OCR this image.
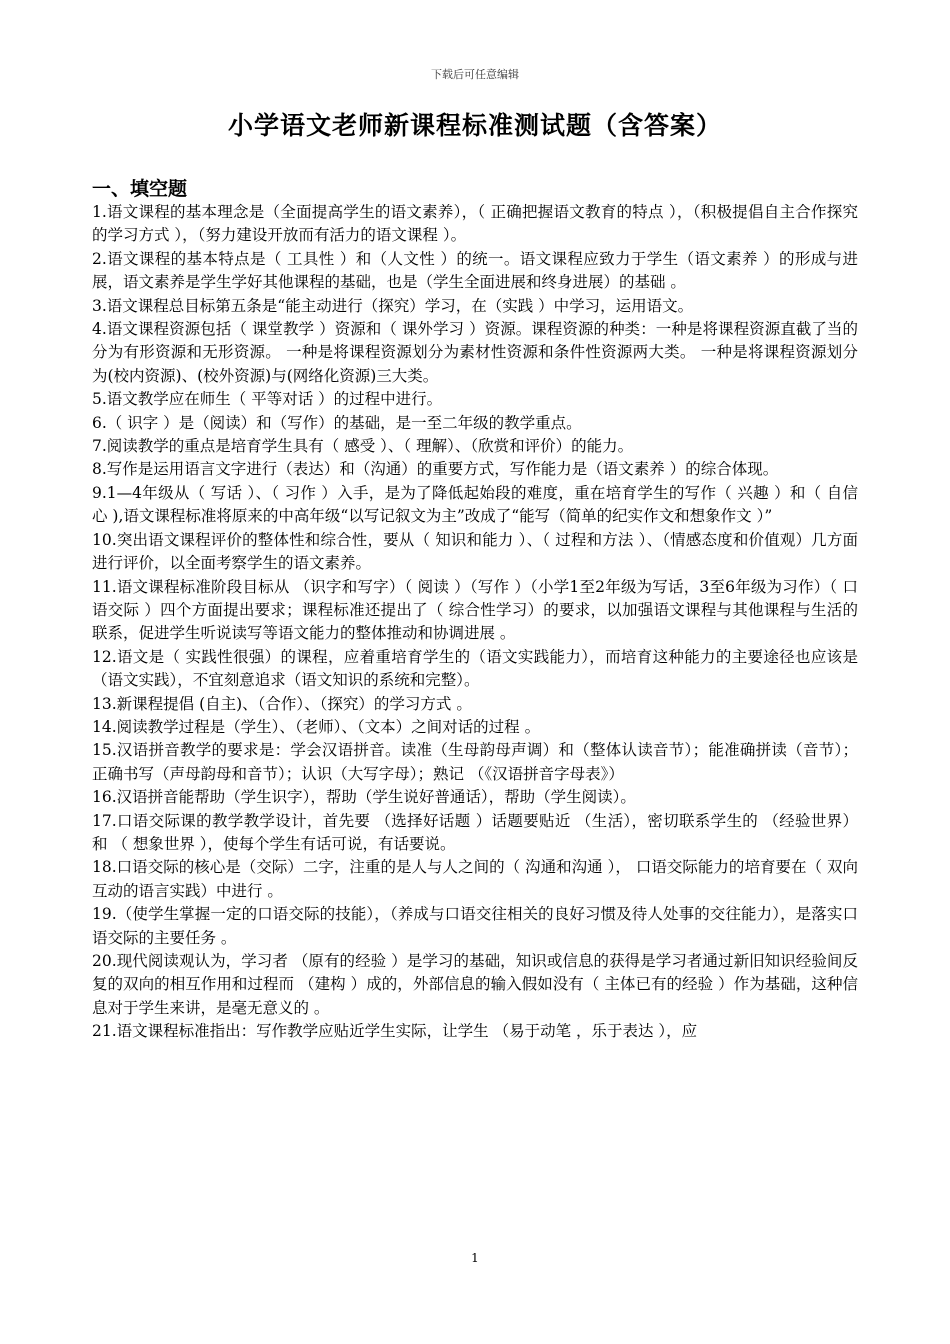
下载后可任意编辑
小学语文老师新课程标准测试题（含答案）
一、填空题

1.语文课程的基本理念是（全面提高学生的语文素养），（ 正确把握语文教育的特点 ），（积极提倡自主合作探究的学习方式 ），（努力建设开放而有活力的语文课程 ）。

2.语文课程的基本特点是（ 工具性 ）和（人文性 ）的统一。语文课程应致力于学生（语文素养 ）的形成与进展，语文素养是学生学好其他课程的基础，也是（学生全面进展和终身进展）的基础 。

3.语文课程总目标第五条是“能主动进行（探究）学习，在（实践 ）中学习，运用语文。

4.语文课程资源包括（ 课堂教学 ）资源和（ 课外学习 ）资源。课程资源的种类：一种是将课程资源直截了当的分为有形资源和无形资源。 一种是将课程资源划分为素材性资源和条件性资源两大类。 一种是将课程资源划分为(校内资源)、(校外资源)与(网络化资源)三大类。

5.语文教学应在师生（ 平等对话 ）的过程中进行。

6.（ 识字 ）是（阅读）和（写作）的基础，是一至二年级的教学重点。

7.阅读教学的重点是培育学生具有（ 感受 ）、（ 理解）、（欣赏和评价）的能力。

8.写作是运用语言文字进行（表达）和（沟通）的重要方式，写作能力是（语文素养 ）的综合体现。

9.1—4年级从（ 写话 ）、（ 习作 ）入手，是为了降低起始段的难度，重在培育学生的写作（ 兴趣 ）和（ 自信心 ),语文课程标准将原来的中高年级“以写记叙文为主”改成了“能写（简单的纪实作文和想象作文 ）”

10.突出语文课程评价的整体性和综合性，要从（ 知识和能力 ）、（ 过程和方法 ）、（情感态度和价值观）几方面进行评价，以全面考察学生的语文素养。

11.语文课程标准阶段目标从 （识字和写字）（ 阅读 ）（写作 ）（小学1至2年级为写话，3至6年级为习作）（ 口语交际 ）四个方面提出要求；课程标准还提出了（ 综合性学习）的要求，以加强语文课程与其他课程与生活的联系，促进学生听说读写等语文能力的整体推动和协调进展 。

12.语文是（ 实践性很强）的课程，应着重培育学生的（语文实践能力），而培育这种能力的主要途径也应该是（语文实践），不宜刻意追求（语文知识的系统和完整）。

13.新课程提倡 (自主)、（合作）、（探究）的学习方式 。

14.阅读教学过程是（学生）、（老师）、（文本）之间对话的过程 。

15.汉语拼音教学的要求是：学会汉语拼音。读准（生母韵母声调）和（整体认读音节）；能准确拼读（音节）；正确书写（声母韵母和音节）；认识（大写字母）；熟记 （《汉语拼音字母表》）

16.汉语拼音能帮助（学生识字），帮助（学生说好普通话），帮助（学生阅读）。

17.口语交际课的教学教学设计，首先要 （选择好话题 ）话题要贴近 （生活），密切联系学生的 （经验世界） 和 （ 想象世界 ），使每个学生有话可说，有话要说。

18.口语交际的核心是（交际）二字，注重的是人与人之间的（ 沟通和沟通 ）， 口语交际能力的培育要在（ 双向互动的语言实践）中进行 。

19.（使学生掌握一定的口语交际的技能），（养成与口语交往相关的良好习惯及待人处事的交往能力），是落实口语交际的主要任务 。

20.现代阅读观认为，学习者 （原有的经验 ）是学习的基础，知识或信息的获得是学习者通过新旧知识经验间反复的双向的相互作用和过程而 （建构 ）成的，外部信息的输入假如没有（ 主体已有的经验 ）作为基础，这种信息对于学生来讲，是毫无意义的 。

21.语文课程标准指出：写作教学应贴近学生实际，让学生 （易于动笔 ，乐于表达 ），应

1
